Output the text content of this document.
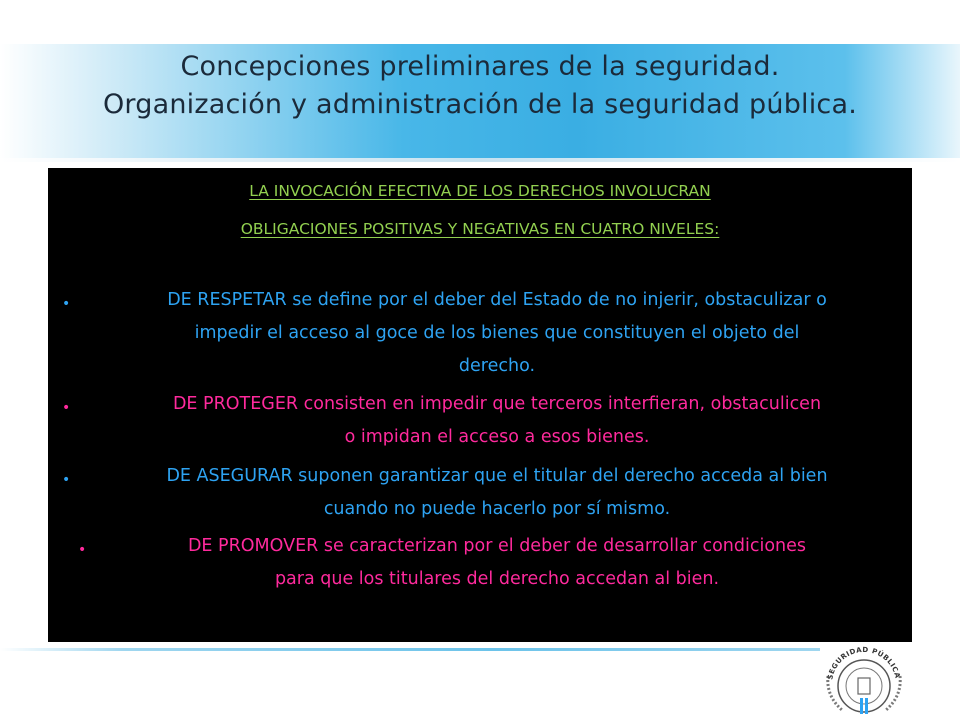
Concepciones preliminares de la seguridad.
Organización y administración de la seguridad pública.
LA INVOCACIÓN EFECTIVA DE LOS DERECHOS INVOLUCRAN
OBLIGACIONES POSITIVAS Y NEGATIVAS EN CUATRO NIVELES:
•	DE RESPETAR se define por el deber del Estado de no injerir, obstaculizar o
impedir el acceso al goce de los bienes que constituyen el objeto del
derecho.
•	DE PROTEGER consisten en impedir que terceros interfieran, obstaculicen
o impidan el acceso a esos bienes.
•	DE ASEGURAR suponen garantizar que el titular del derecho acceda al bien
cuando no puede hacerlo por sí mismo.
•	DE PROMOVER se caracterizan por el deber de desarrollar condiciones
para que los titulares del derecho accedan al bien.
SEGURIDAD PÚBLICA
